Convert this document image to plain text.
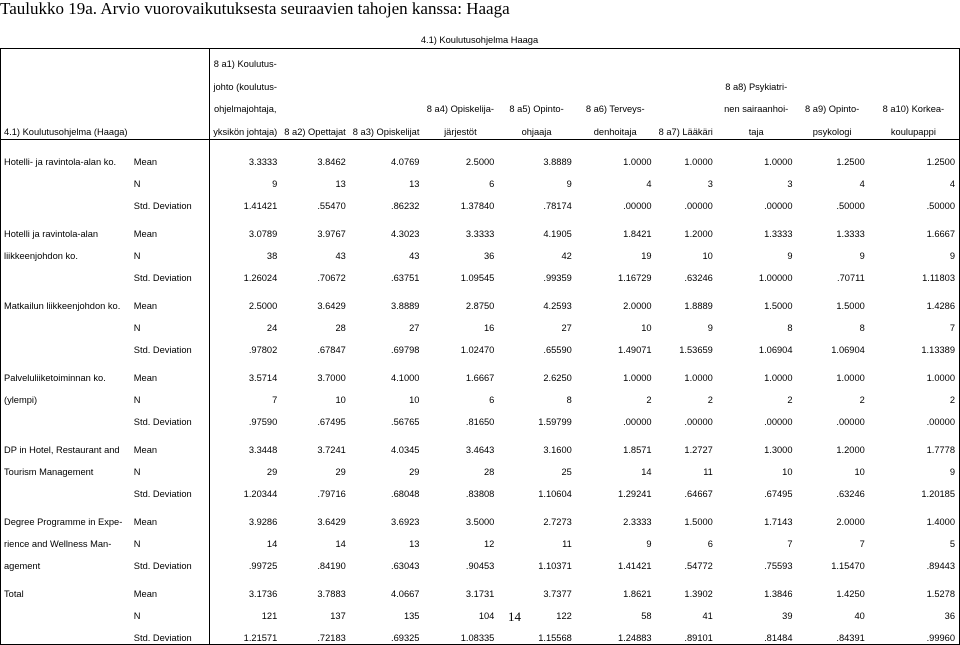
Taulukko 19a. Arvio vuorovaikutuksesta seuraavien tahojen kanssa: Haaga
4.1) Koulutusohjelma Haaga											
		8 a1) Koulutus-									
		johto (koulutus-							8 a8) Psykiatri-		
		ohjelmajohtaja,			8 a4) Opiskelija-	8 a5) Opinto-	8 a6) Terveys-		nen sairaanhoi-	8 a9) Opinto-	8 a10) Korkea-
4.1) Koulutusohjelma (Haaga)		yksikön johtaja)	8 a2) Opettajat	8 a3) Opiskelijat	järjestöt	ohjaaja	denhoitaja	8 a7) Lääkäri	taja	psykologi	koulupappi

Hotelli- ja ravintola-alan ko.	Mean	3.3333	3.8462	4.0769	2.5000	3.8889	1.0000	1.0000	1.0000	1.2500	1.2500
	N	9	13	13	6	9	4	3	3	4	4
	Std. Deviation	1.41421	.55470	.86232	1.37840	.78174	.00000	.00000	.00000	.50000	.50000

Hotelli ja ravintola-alan	Mean	3.0789	3.9767	4.3023	3.3333	4.1905	1.8421	1.2000	1.3333	1.3333	1.6667
liikkeenjohdon ko.	N	38	43	43	36	42	19	10	9	9	9
	Std. Deviation	1.26024	.70672	.63751	1.09545	.99359	1.16729	.63246	1.00000	.70711	1.11803

Matkailun liikkeenjohdon ko.	Mean	2.5000	3.6429	3.8889	2.8750	4.2593	2.0000	1.8889	1.5000	1.5000	1.4286
	N	24	28	27	16	27	10	9	8	8	7
	Std. Deviation	.97802	.67847	.69798	1.02470	.65590	1.49071	1.53659	1.06904	1.06904	1.13389

Palveluliiketoiminnan ko.	Mean	3.5714	3.7000	4.1000	1.6667	2.6250	1.0000	1.0000	1.0000	1.0000	1.0000
(ylempi)	N	7	10	10	6	8	2	2	2	2	2
	Std. Deviation	.97590	.67495	.56765	.81650	1.59799	.00000	.00000	.00000	.00000	.00000

DP in Hotel, Restaurant and	Mean	3.3448	3.7241	4.0345	3.4643	3.1600	1.8571	1.2727	1.3000	1.2000	1.7778
Tourism Management	N	29	29	29	28	25	14	11	10	10	9
	Std. Deviation	1.20344	.79716	.68048	.83808	1.10604	1.29241	.64667	.67495	.63246	1.20185

Degree Programme in Expe-	Mean	3.9286	3.6429	3.6923	3.5000	2.7273	2.3333	1.5000	1.7143	2.0000	1.4000
rience and Wellness Man-	N	14	14	13	12	11	9	6	7	7	5
agement	Std. Deviation	.99725	.84190	.63043	.90453	1.10371	1.41421	.54772	.75593	1.15470	.89443

Total	Mean	3.1736	3.7883	4.0667	3.1731	3.7377	1.8621	1.3902	1.3846	1.4250	1.5278
	N	121	137	135	104	122	58	41	39	40	36
	Std. Deviation	1.21571	.72183	.69325	1.08335	1.15568	1.24883	.89101	.81484	.84391	.99960
14
